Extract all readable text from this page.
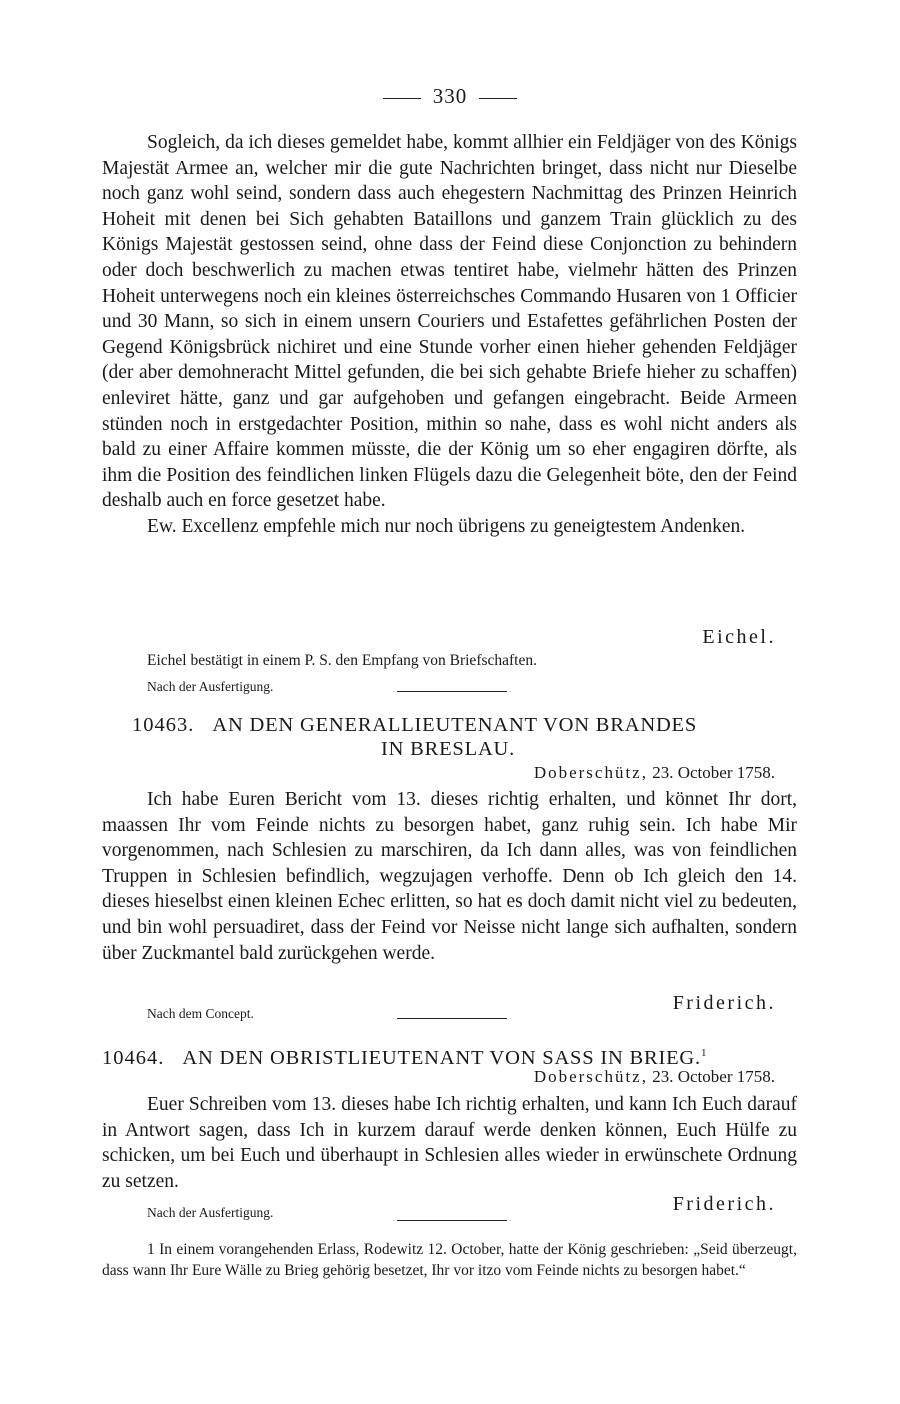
330

Sogleich, da ich dieses gemeldet habe, kommt allhier ein Feldjäger von des Königs Majestät Armee an, welcher mir die gute Nachrichten bringet, dass nicht nur Dieselbe noch ganz wohl seind, sondern dass auch ehegestern Nachmittag des Prinzen Heinrich Hoheit mit denen bei Sich gehabten Bataillons und ganzem Train glücklich zu des Königs Majestät gestossen seind, ohne dass der Feind diese Conjonction zu behindern oder doch beschwerlich zu machen etwas tentiret habe, vielmehr hätten des Prinzen Hoheit unterwegens noch ein kleines österreichsches Commando Husaren von 1 Officier und 30 Mann, so sich in einem unsern Couriers und Estafettes gefährlichen Posten der Gegend Königsbrück nichiret und eine Stunde vorher einen hieher gehenden Feldjäger (der aber demohneracht Mittel gefunden, die bei sich gehabte Briefe hieher zu schaffen) enleviret hätte, ganz und gar aufgehoben und gefangen eingebracht. Beide Armeen stünden noch in erstgedachter Position, mithin so nahe, dass es wohl nicht anders als bald zu einer Affaire kommen müsste, die der König um so eher engagiren dörfte, als ihm die Position des feindlichen linken Flügels dazu die Gelegenheit böte, den der Feind deshalb auch en force gesetzet habe.

Ew. Excellenz empfehle mich nur noch übrigens zu geneigtestem Andenken.

Eichel.
Eichel bestätigt in einem P. S. den Empfang von Briefschaften.
Nach der Ausfertigung.
10463. AN DEN GENERALLIEUTENANT VON BRANDES
IN BRESLAU.
Doberschütz, 23. October 1758.

Ich habe Euren Bericht vom 13. dieses richtig erhalten, und könnet Ihr dort, maassen Ihr vom Feinde nichts zu besorgen habet, ganz ruhig sein. Ich habe Mir vorgenommen, nach Schlesien zu marschiren, da Ich dann alles, was von feindlichen Truppen in Schlesien befindlich, wegzujagen verhoffe. Denn ob Ich gleich den 14. dieses hieselbst einen kleinen Echec erlitten, so hat es doch damit nicht viel zu bedeuten, und bin wohl persuadiret, dass der Feind vor Neisse nicht lange sich aufhalten, sondern über Zuckmantel bald zurückgehen werde.

Nach dem Concept.	Friderich.
10464. AN DEN OBRISTLIEUTENANT VON SASS IN BRIEG.$^1$
Doberschütz, 23. October 1758.

Euer Schreiben vom 13. dieses habe Ich richtig erhalten, und kann Ich Euch darauf in Antwort sagen, dass Ich in kurzem darauf werde denken können, Euch Hülfe zu schicken, um bei Euch und überhaupt in Schlesien alles wieder in erwünschete Ordnung zu setzen.

Nach der Ausfertigung.	Friderich.
1 In einem vorangehenden Erlass, Rodewitz 12. October, hatte der König geschrieben: „Seid überzeugt, dass wann Ihr Eure Wälle zu Brieg gehörig besetzet, Ihr vor itzo vom Feinde nichts zu besorgen habet.“
